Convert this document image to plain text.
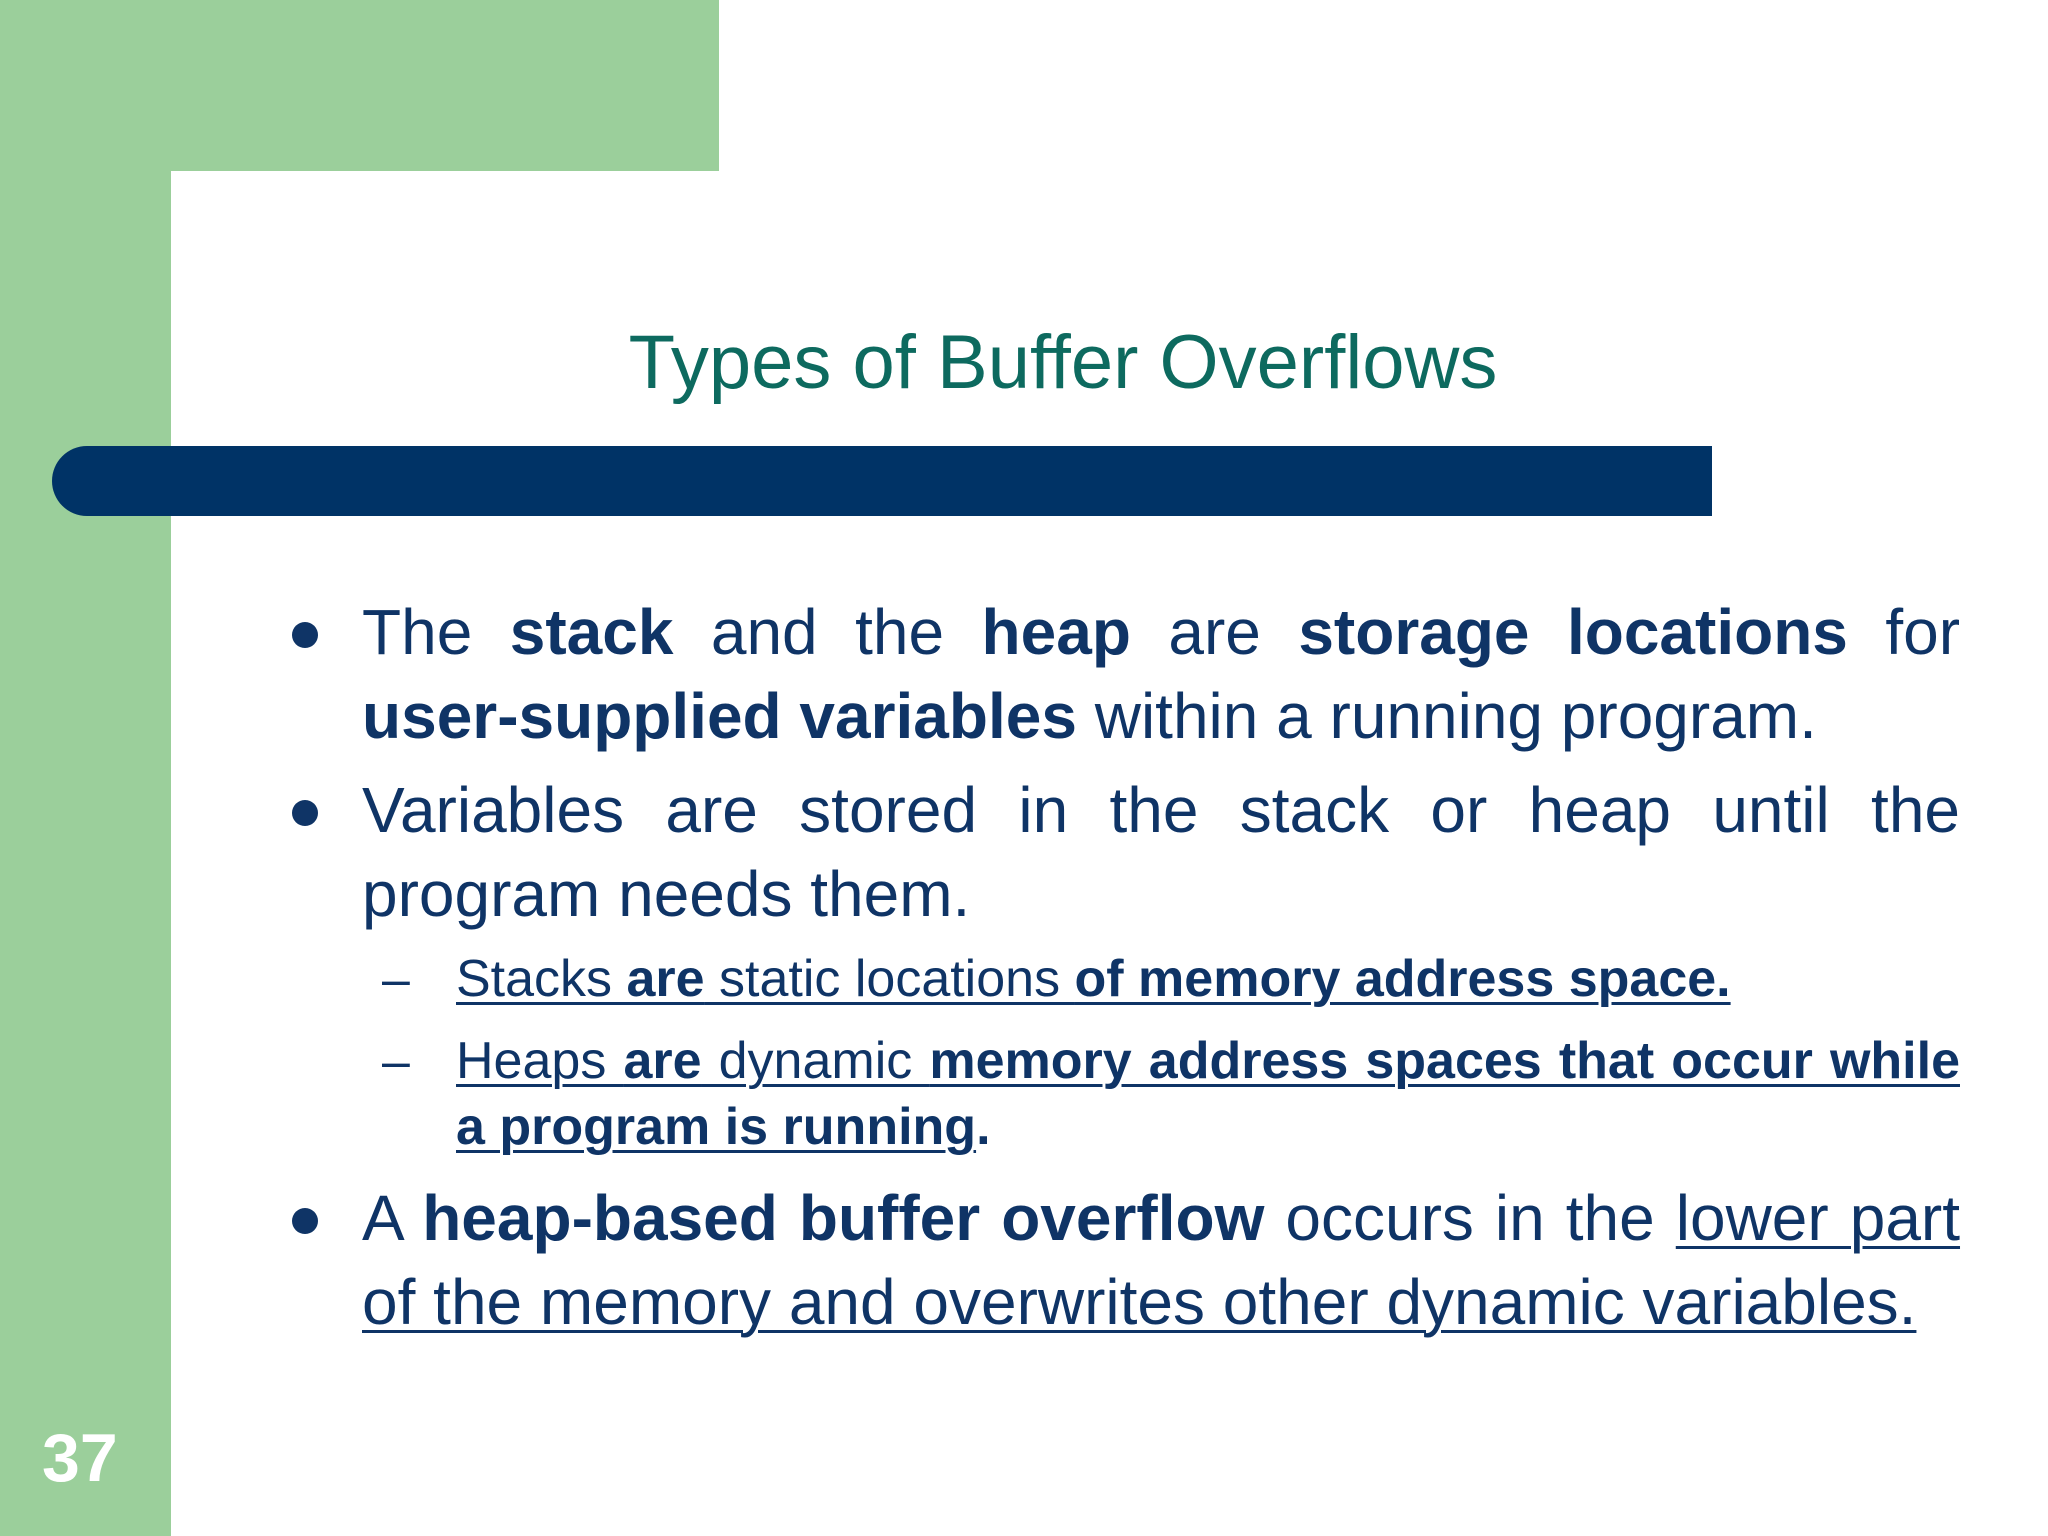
Types of Buffer Overflows
The stack and the heap are storage locations for user-supplied variables within a running program.
Variables are stored in the stack or heap until the program needs them.
– Stacks are static locations of memory address space.
– Heaps are dynamic memory address spaces that occur while a program is running.
A heap-based buffer overflow occurs in the lower part of the memory and overwrites other dynamic variables.
37
